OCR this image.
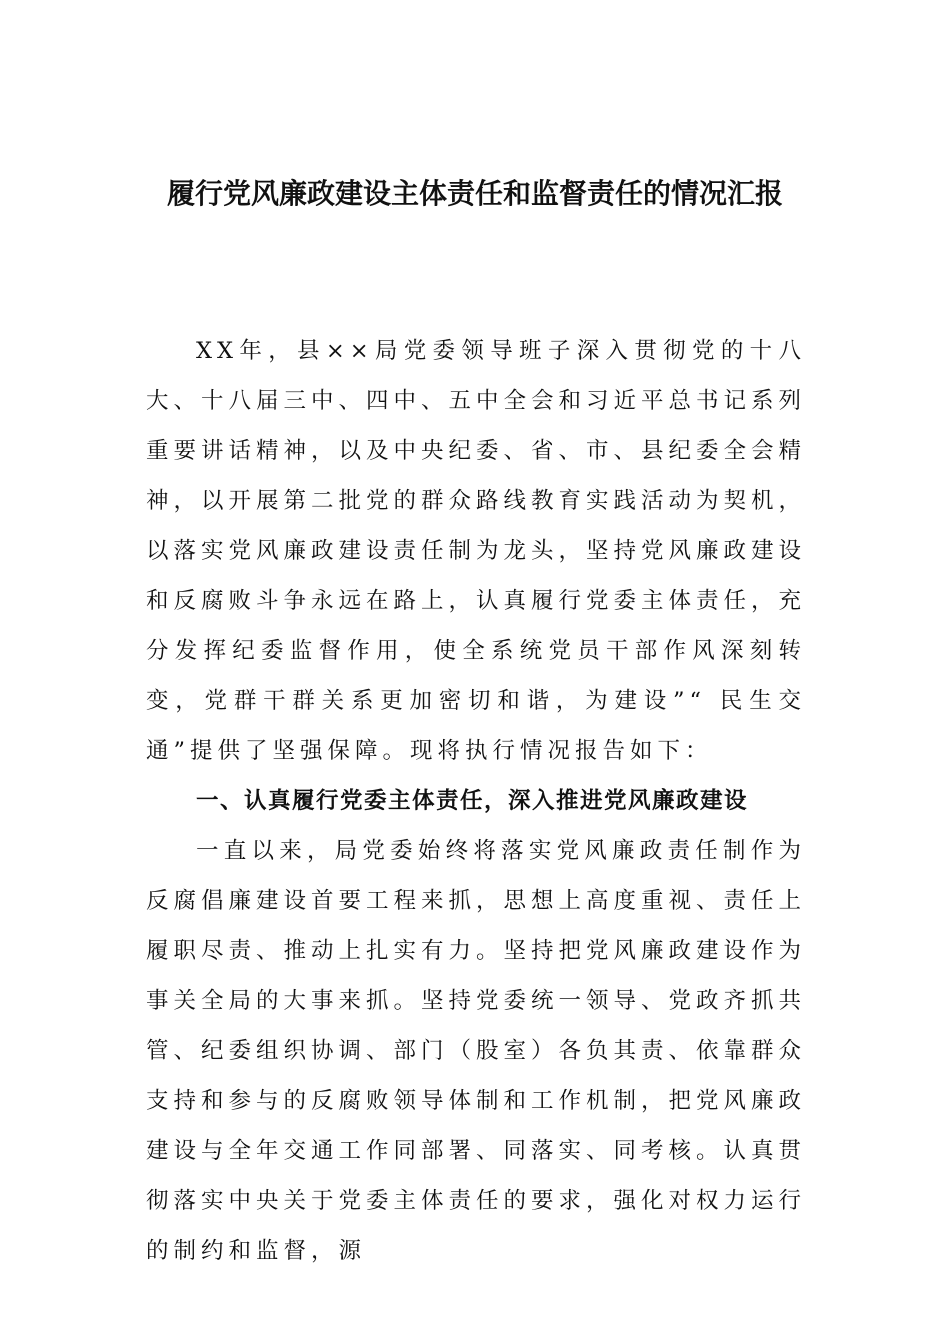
履行党风廉政建设主体责任和监督责任的情况汇报

XX年，县××局党委领导班子深入贯彻党的十八大、十八届三中、四中、五中全会和习近平总书记系列重要讲话精神，以及中央纪委、省、市、县纪委全会精神，以开展第二批党的群众路线教育实践活动为契机，以落实党风廉政建设责任制为龙头，坚持党风廉政建设和反腐败斗争永远在路上，认真履行党委主体责任，充分发挥纪委监督作用，使全系统党员干部作风深刻转变，党群干群关系更加密切和谐，为建设”“ 民生交通”提供了坚强保障。现将执行情况报告如下：

一、认真履行党委主体责任，深入推进党风廉政建设

一直以来，局党委始终将落实党风廉政责任制作为反腐倡廉建设首要工程来抓，思想上高度重视、责任上履职尽责、推动上扎实有力。坚持把党风廉政建设作为事关全局的大事来抓。坚持党委统一领导、党政齐抓共管、纪委组织协调、部门（股室）各负其责、依靠群众支持和参与的反腐败领导体制和工作机制，把党风廉政建设与全年交通工作同部署、同落实、同考核。认真贯彻落实中央关于党委主体责任的要求，强化对权力运行的制约和监督，源
